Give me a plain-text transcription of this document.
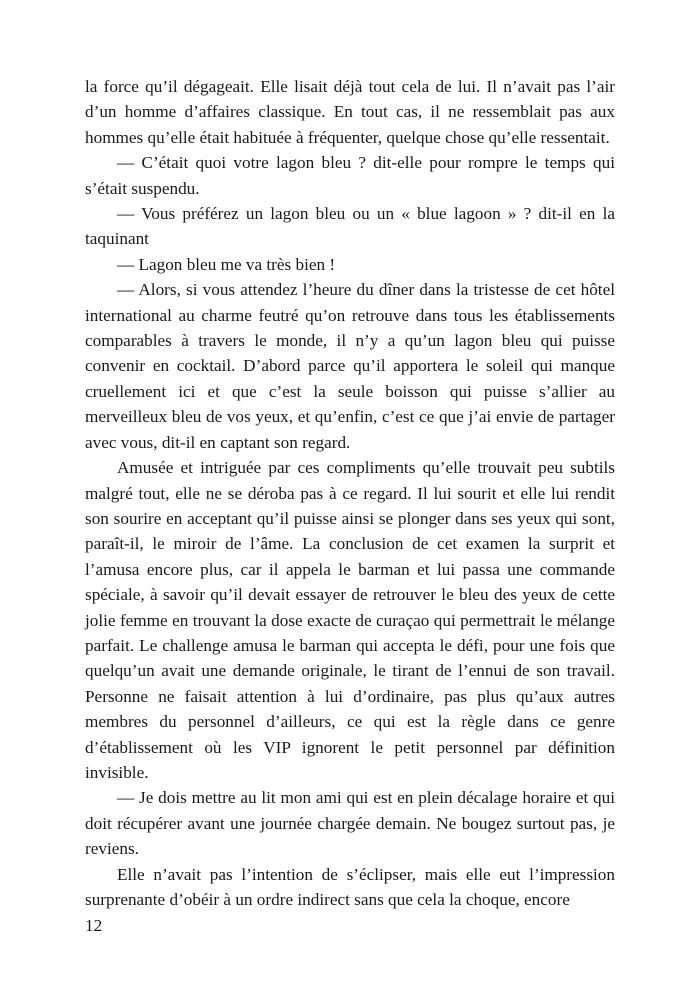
la force qu’il dégageait. Elle lisait déjà tout cela de lui. Il n’avait pas l’air d’un homme d’affaires classique. En tout cas, il ne ressemblait pas aux hommes qu’elle était habituée à fréquenter, quelque chose qu’elle ressentait.

— C’était quoi votre lagon bleu ? dit-elle pour rompre le temps qui s’était suspendu.

— Vous préférez un lagon bleu ou un « blue lagoon » ? dit-il en la taquinant

— Lagon bleu me va très bien !

— Alors, si vous attendez l’heure du dîner dans la tristesse de cet hôtel international au charme feutré qu’on retrouve dans tous les établissements comparables à travers le monde, il n’y a qu’un lagon bleu qui puisse convenir en cocktail. D’abord parce qu’il apportera le soleil qui manque cruellement ici et que c’est la seule boisson qui puisse s’allier au merveilleux bleu de vos yeux, et qu’enfin, c’est ce que j’ai envie de partager avec vous, dit-il en captant son regard.

Amusée et intriguée par ces compliments qu’elle trouvait peu subtils malgré tout, elle ne se déroba pas à ce regard. Il lui sourit et elle lui rendit son sourire en acceptant qu’il puisse ainsi se plonger dans ses yeux qui sont, paraît-il, le miroir de l’âme. La conclusion de cet examen la surprit et l’amusa encore plus, car il appela le barman et lui passa une commande spéciale, à savoir qu’il devait essayer de retrouver le bleu des yeux de cette jolie femme en trouvant la dose exacte de curaçao qui permettrait le mélange parfait. Le challenge amusa le barman qui accepta le défi, pour une fois que quelqu’un avait une demande originale, le tirant de l’ennui de son travail. Personne ne faisait attention à lui d’ordinaire, pas plus qu’aux autres membres du personnel d’ailleurs, ce qui est la règle dans ce genre d’établissement où les VIP ignorent le petit personnel par définition invisible.

— Je dois mettre au lit mon ami qui est en plein décalage horaire et qui doit récupérer avant une journée chargée demain. Ne bougez surtout pas, je reviens.

Elle n’avait pas l’intention de s’éclipser, mais elle eut l’impression surprenante d’obéir à un ordre indirect sans que cela la choque, encore

12
